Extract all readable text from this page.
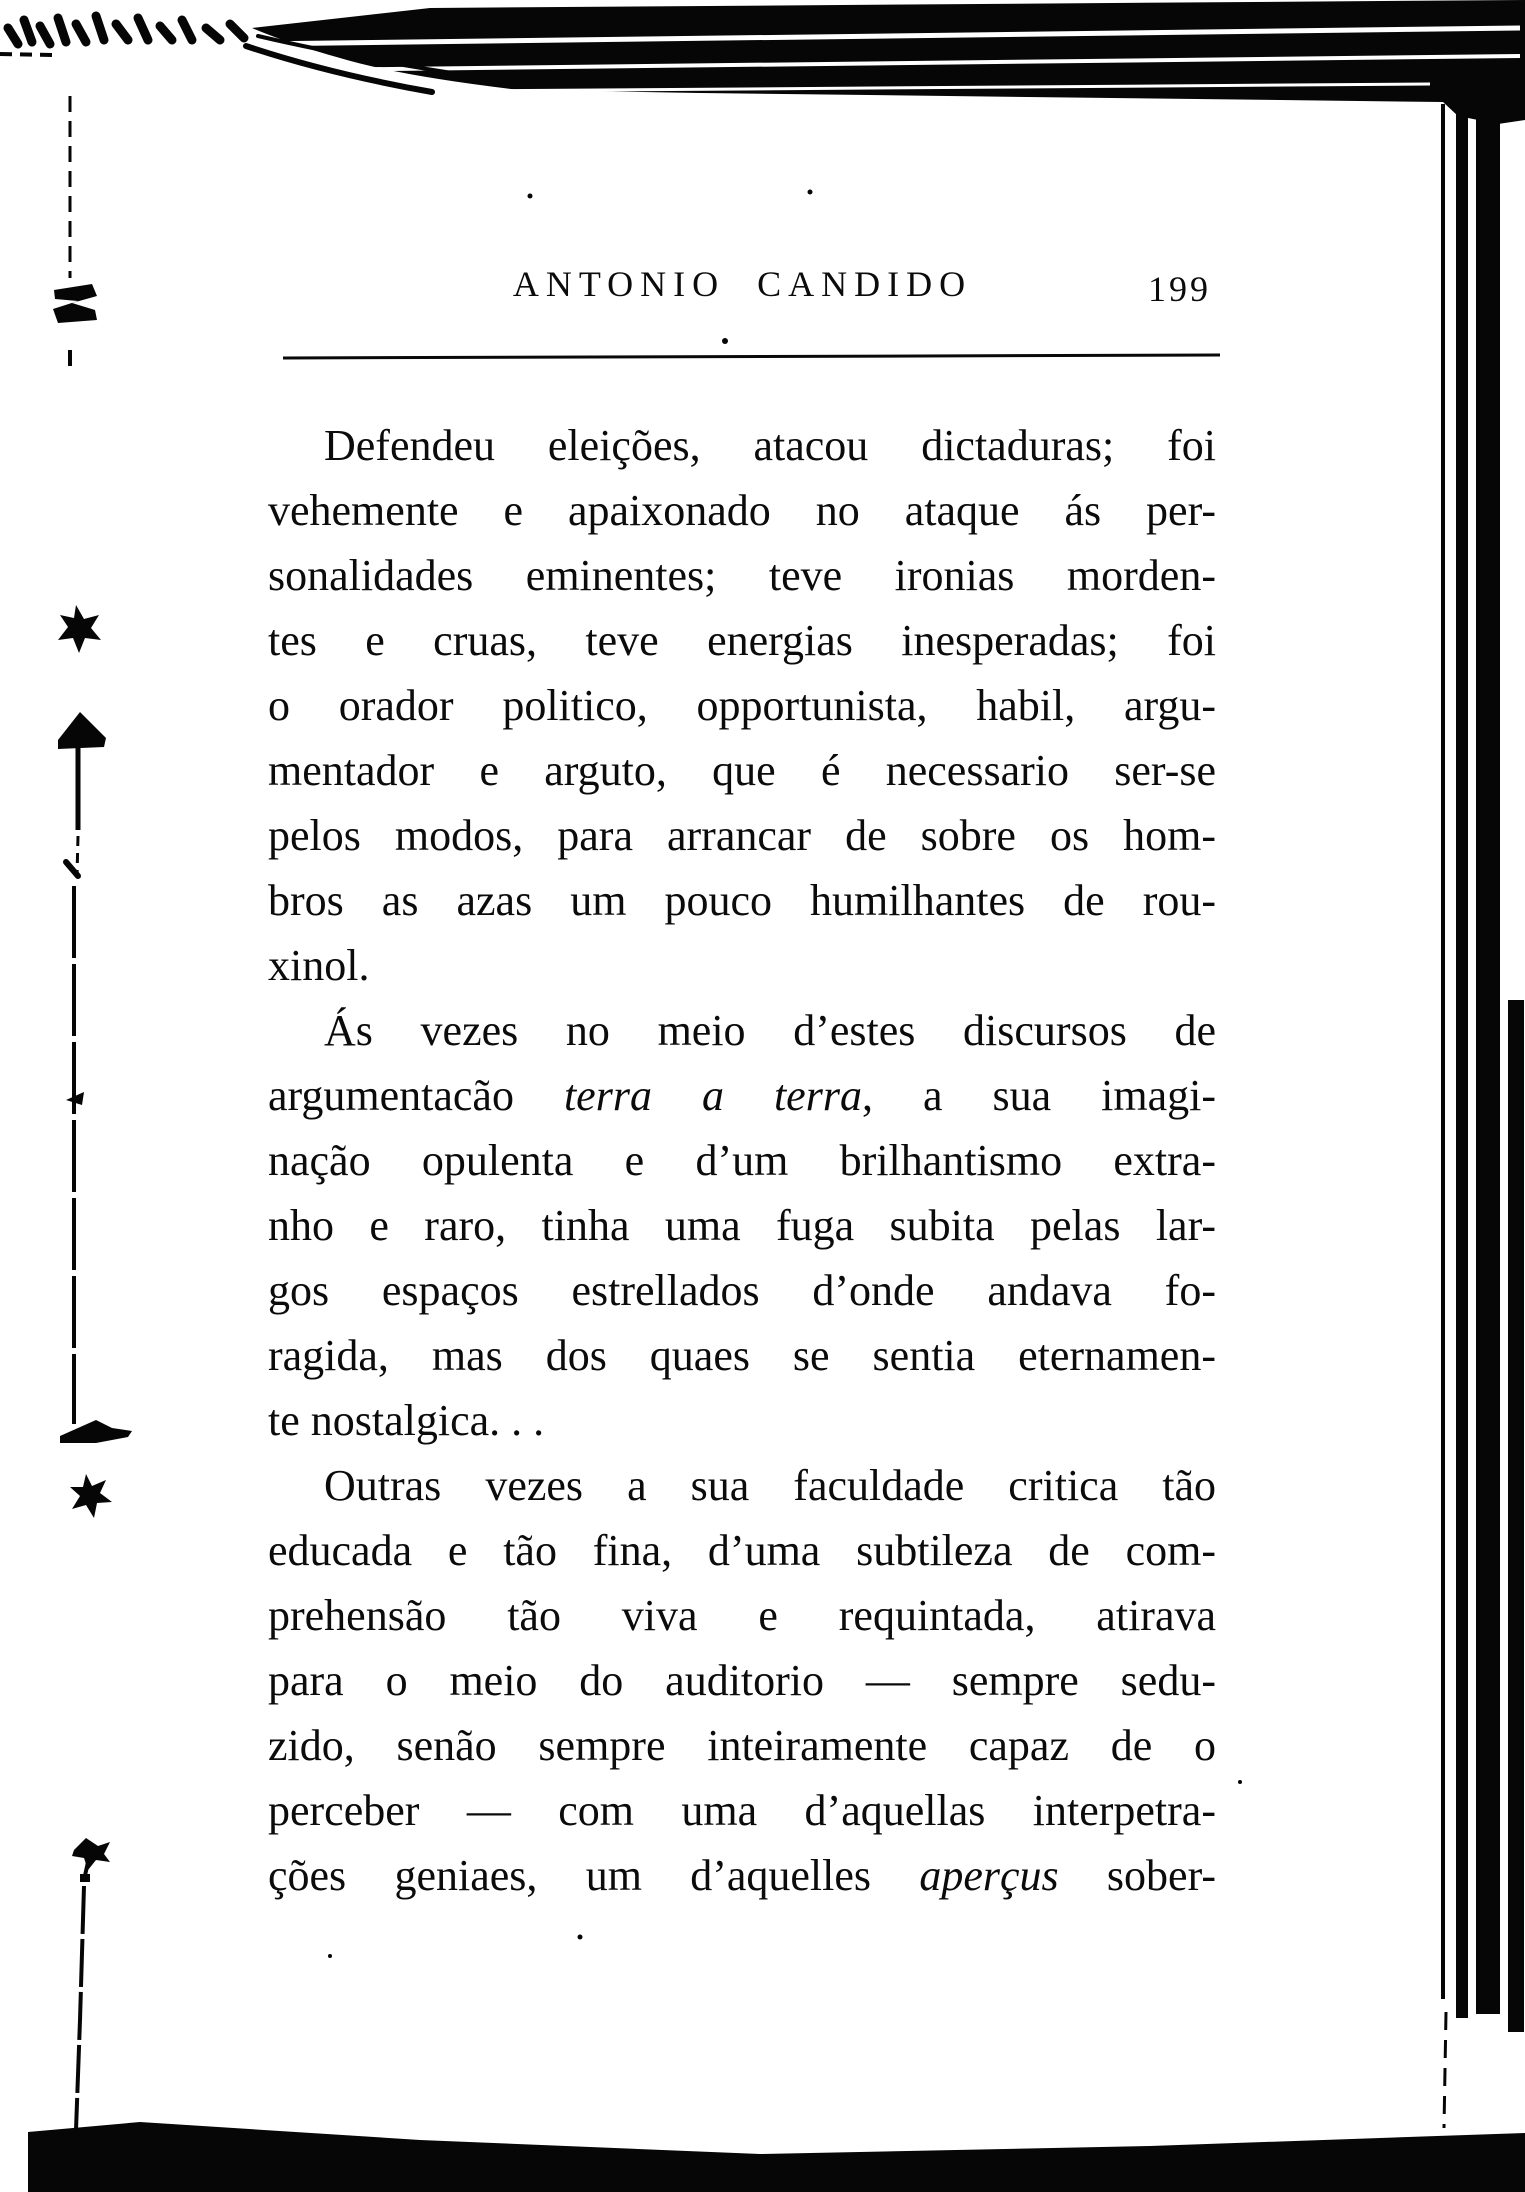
ANTONIO CANDIDO	199
Defendeu eleições, atacou dictaduras; foi
vehemente e apaixonado no ataque ás per-
sonalidades eminentes; teve ironias morden-
tes e cruas, teve energias inesperadas; foi
o orador politico, opportunista, habil, argu-
mentador e arguto, que é necessario ser-se
pelos modos, para arrancar de sobre os hom-
bros as azas um pouco humilhantes de rou-
xinol.
Ás vezes no meio d’estes discursos de
argumentacão terra a terra, a sua imagi-
nação opulenta e d’um brilhantismo extra-
nho e raro, tinha uma fuga subita pelas lar-
gos espaços estrellados d’onde andava fo-
ragida, mas dos quaes se sentia eternamen-
te nostalgica. . .
Outras vezes a sua faculdade critica tão
educada e tão fina, d’uma subtileza de com-
prehensão tão viva e requintada, atirava
para o meio do auditorio — sempre sedu-
zido, senão sempre inteiramente capaz de o
perceber — com uma d’aquellas interpetra-
ções geniaes, um d’aquelles aperçus sober-
